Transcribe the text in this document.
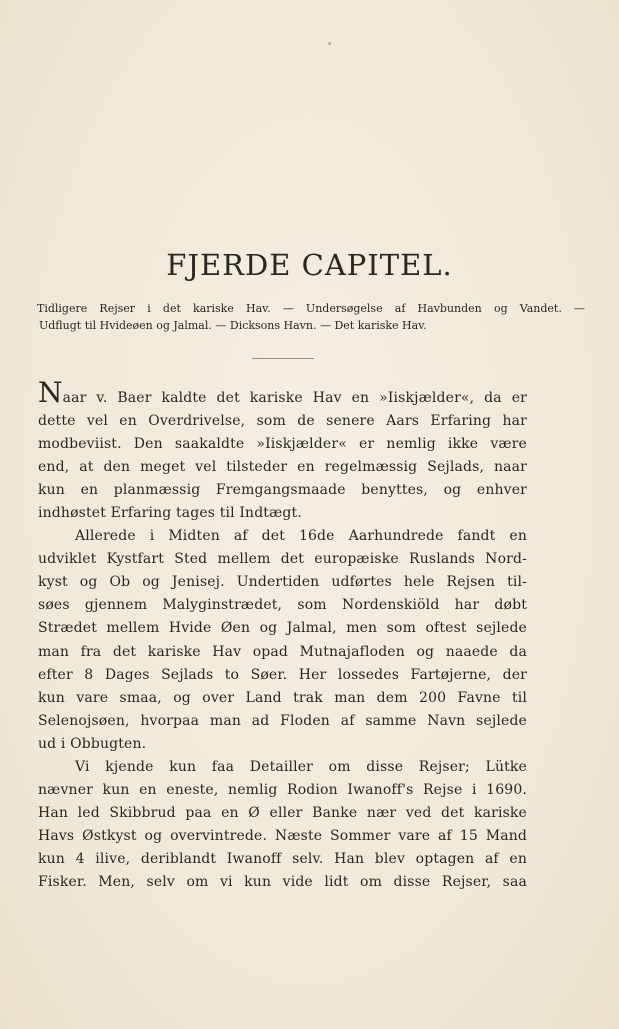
FJERDE CAPITEL.
Tidligere Rejser i det kariske Hav. — Undersøgelse af Havbunden og Vandet. —
Udflugt til Hvideøen og Jalmal. — Dicksons Havn. — Det kariske Hav.
Naar v. Baer kaldte det kariske Hav en »Iiskjælder«, da er
dette vel en Overdrivelse, som de senere Aars Erfaring har
modbeviist. Den saakaldte »Iiskjælder« er nemlig ikke være
end, at den meget vel tilsteder en regelmæssig Sejlads, naar
kun en planmæssig Fremgangsmaade benyttes, og enhver
indhøstet Erfaring tages til Indtægt.
Allerede i Midten af det 16de Aarhundrede fandt en
udviklet Kystfart Sted mellem det europæiske Ruslands Nord-
kyst og Ob og Jenisej. Undertiden udførtes hele Rejsen til-
søes gjennem Malyginstrædet, som Nordenskiöld har døbt
Strædet mellem Hvide Øen og Jalmal, men som oftest sejlede
man fra det kariske Hav opad Mutnajafloden og naaede da
efter 8 Dages Sejlads to Søer. Her lossedes Fartøjerne, der
kun vare smaa, og over Land trak man dem 200 Favne til
Selenojsøen, hvorpaa man ad Floden af samme Navn sejlede
ud i Obbugten.
Vi kjende kun faa Detailler om disse Rejser; Lütke
nævner kun en eneste, nemlig Rodion Iwanoff's Rejse i 1690.
Han led Skibbrud paa en Ø eller Banke nær ved det kariske
Havs Østkyst og overvintrede. Næste Sommer vare af 15 Mand
kun 4 ilive, deriblandt Iwanoff selv. Han blev optagen af en
Fisker. Men, selv om vi kun vide lidt om disse Rejser, saa
